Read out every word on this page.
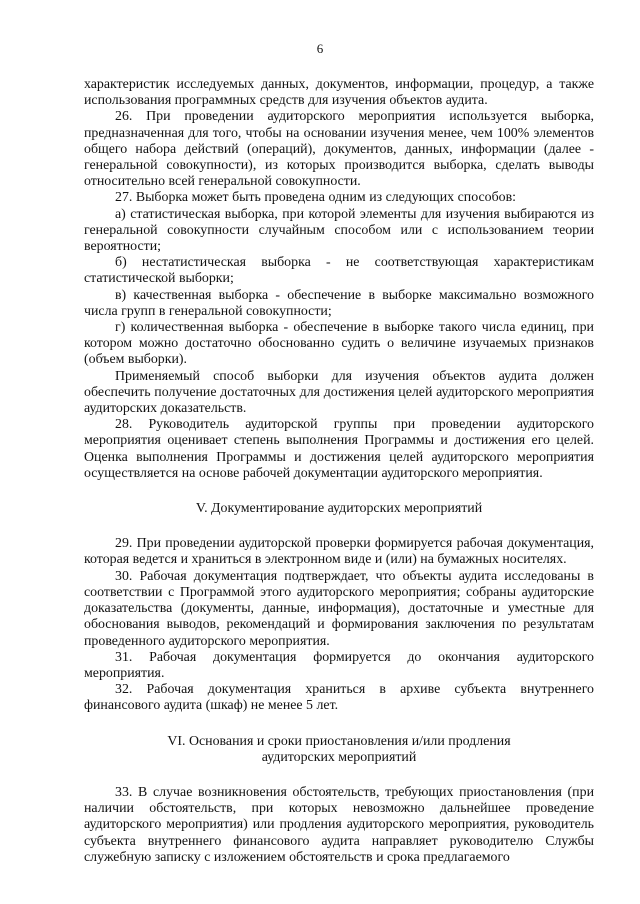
6

характеристик исследуемых данных, документов, информации, процедур, а также использования программных средств для изучения объектов аудита.

26. При проведении аудиторского мероприятия используется выборка, предназначенная для того, чтобы на основании изучения менее, чем 100% элементов общего набора действий (операций), документов, данных, информации (далее - генеральной совокупности), из которых производится выборка, сделать выводы относительно всей генеральной совокупности.

27. Выборка может быть проведена одним из следующих способов:

а) статистическая выборка, при которой элементы для изучения выбираются из генеральной совокупности случайным способом или с использованием теории вероятности;

б) нестатистическая выборка - не соответствующая характеристикам статистической выборки;

в) качественная выборка - обеспечение в выборке максимально возможного числа групп в генеральной совокупности;

г) количественная выборка - обеспечение в выборке такого числа единиц, при котором можно достаточно обоснованно судить о величине изучаемых признаков (объем выборки).

Применяемый способ выборки для изучения объектов аудита должен обеспечить получение достаточных для достижения целей аудиторского мероприятия аудиторских доказательств.

28. Руководитель аудиторской группы при проведении аудиторского мероприятия оценивает степень выполнения Программы и достижения его целей. Оценка выполнения Программы и достижения целей аудиторского мероприятия осуществляется на основе рабочей документации аудиторского мероприятия.

V. Документирование аудиторских мероприятий

29. При проведении аудиторской проверки формируется рабочая документация, которая ведется и храниться в электронном виде и (или) на бумажных носителях.

30. Рабочая документация подтверждает, что объекты аудита исследованы в соответствии с Программой этого аудиторского мероприятия; собраны аудиторские доказательства (документы, данные, информация), достаточные и уместные для обоснования выводов, рекомендаций и формирования заключения по результатам проведенного аудиторского мероприятия.

31. Рабочая документация формируется до окончания аудиторского мероприятия.

32. Рабочая документация храниться в архиве субъекта внутреннего финансового аудита (шкаф) не менее 5 лет.

VI. Основания и сроки приостановления и/или продления
аудиторских мероприятий

33. В случае возникновения обстоятельств, требующих приостановления (при наличии обстоятельств, при которых невозможно дальнейшее проведение аудиторского мероприятия) или продления аудиторского мероприятия, руководитель субъекта внутреннего финансового аудита направляет руководителю Службы служебную записку с изложением обстоятельств и срока предлагаемого
